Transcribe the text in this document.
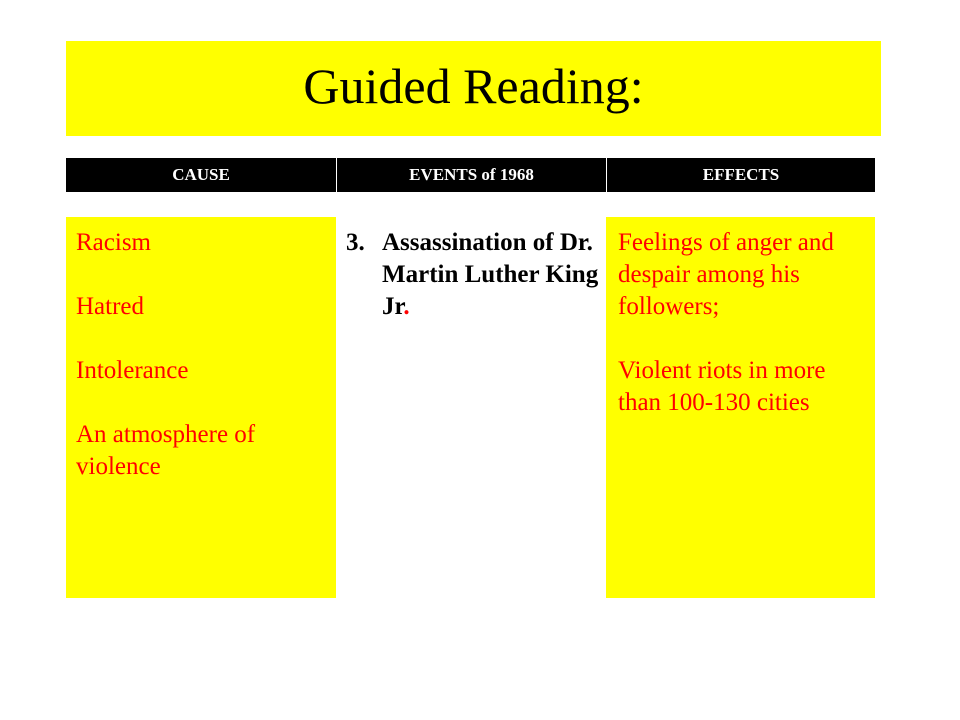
Guided Reading:
CAUSE	EVENTS of 1968	EFFECTS
Racism
Hatred
Intolerance
An atmosphere of violence
3. Assassination of Dr. Martin Luther King Jr.
Feelings of anger and despair among his followers;
Violent riots in more than 100-130 cities
